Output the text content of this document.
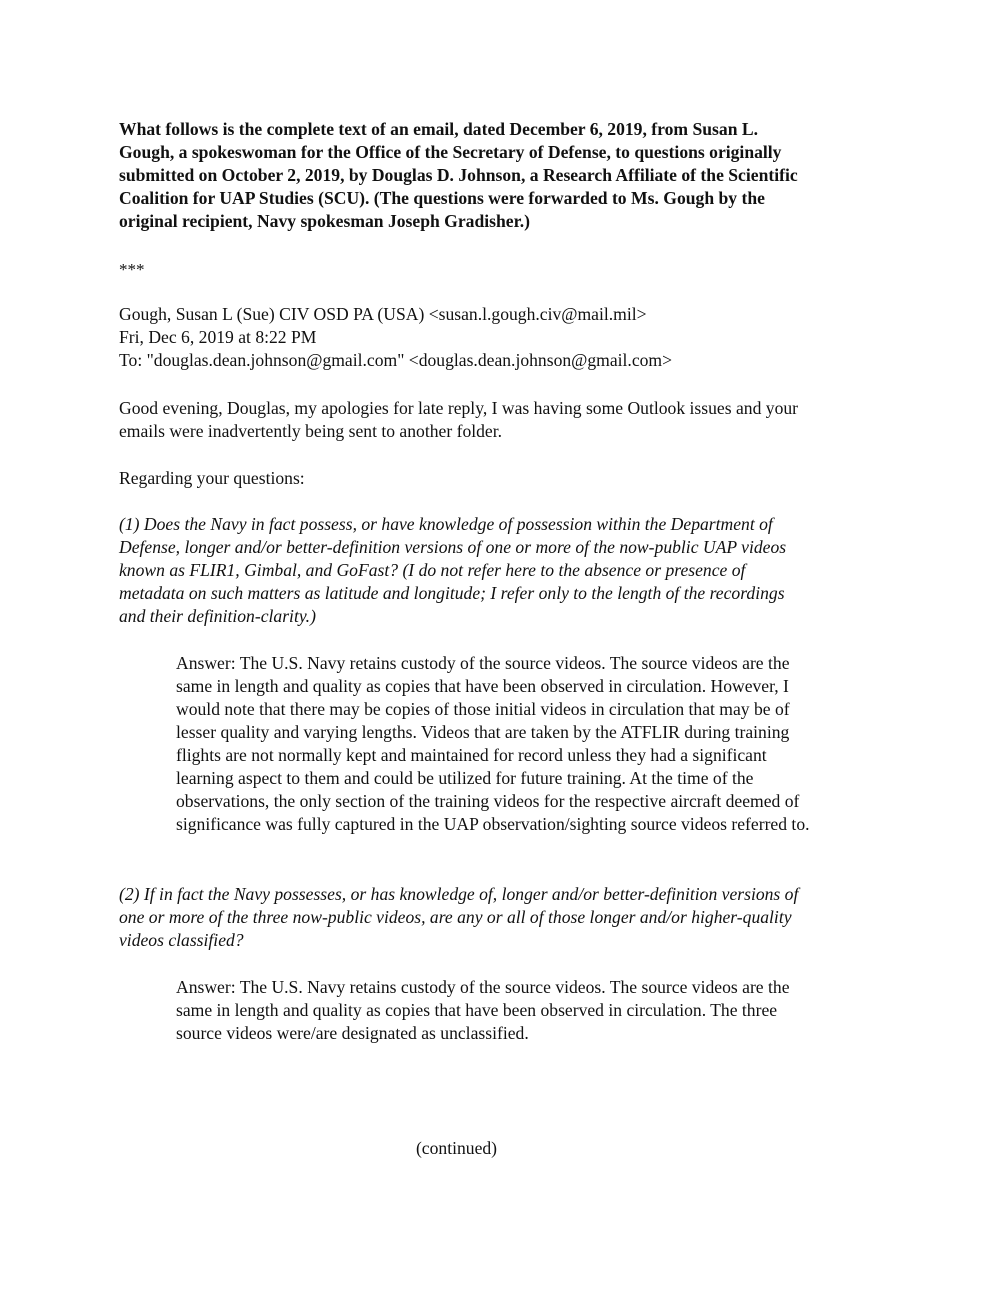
What follows is the complete text of an email, dated December 6, 2019, from Susan L.
Gough, a spokeswoman for the Office of the Secretary of Defense, to questions originally
submitted on October 2, 2019, by Douglas D. Johnson, a Research Affiliate of the Scientific
Coalition for UAP Studies (SCU). (The questions were forwarded to Ms. Gough by the
original recipient, Navy spokesman Joseph Gradisher.)

***

Gough, Susan L (Sue) CIV OSD PA (USA) <susan.l.gough.civ@mail.mil>
Fri, Dec 6, 2019 at 8:22 PM
To: "douglas.dean.johnson@gmail.com" <douglas.dean.johnson@gmail.com>

Good evening, Douglas, my apologies for late reply, I was having some Outlook issues and your
emails were inadvertently being sent to another folder.

Regarding your questions:

(1) Does the Navy in fact possess, or have knowledge of possession within the Department of
Defense, longer and/or better-definition versions of one or more of the now-public UAP videos
known as FLIR1, Gimbal, and GoFast? (I do not refer here to the absence or presence of
metadata on such matters as latitude and longitude; I refer only to the length of the recordings
and their definition-clarity.)

Answer: The U.S. Navy retains custody of the source videos. The source videos are the
same in length and quality as copies that have been observed in circulation. However, I
would note that there may be copies of those initial videos in circulation that may be of
lesser quality and varying lengths. Videos that are taken by the ATFLIR during training
flights are not normally kept and maintained for record unless they had a significant
learning aspect to them and could be utilized for future training. At the time of the
observations, the only section of the training videos for the respective aircraft deemed of
significance was fully captured in the UAP observation/sighting source videos referred to.

(2) If in fact the Navy possesses, or has knowledge of, longer and/or better-definition versions of
one or more of the three now-public videos, are any or all of those longer and/or higher-quality
videos classified?

Answer: The U.S. Navy retains custody of the source videos. The source videos are the
same in length and quality as copies that have been observed in circulation. The three
source videos were/are designated as unclassified.

(continued)
